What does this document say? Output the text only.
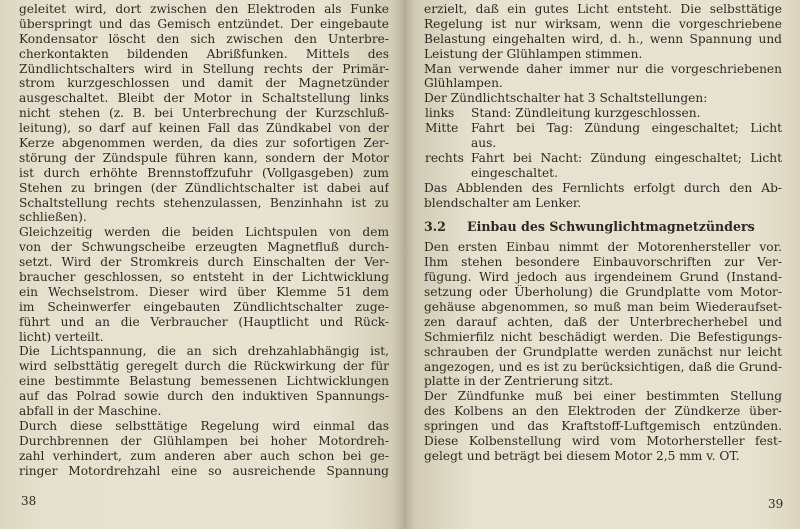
geleitet wird, dort zwischen den Elektroden als Funke
überspringt und das Gemisch entzündet. Der eingebaute
Kondensator löscht den sich zwischen den Unterbre-
cherkontakten bildenden Abrißfunken. Mittels des
Zündlichtschalters wird in Stellung rechts der Primär-
strom kurzgeschlossen und damit der Magnetzünder
ausgeschaltet. Bleibt der Motor in Schaltstellung links
nicht stehen (z. B. bei Unterbrechung der Kurzschluß-
leitung), so darf auf keinen Fall das Zündkabel von der
Kerze abgenommen werden, da dies zur sofortigen Zer-
störung der Zündspule führen kann, sondern der Motor
ist durch erhöhte Brennstoffzufuhr (Vollgasgeben) zum
Stehen zu bringen (der Zündlichtschalter ist dabei auf
Schaltstellung rechts stehenzulassen, Benzinhahn ist zu
schließen).
Gleichzeitig werden die beiden Lichtspulen von dem
von der Schwungscheibe erzeugten Magnetfluß durch-
setzt. Wird der Stromkreis durch Einschalten der Ver-
braucher geschlossen, so entsteht in der Lichtwicklung
ein Wechselstrom. Dieser wird über Klemme 51 dem
im Scheinwerfer eingebauten Zündlichtschalter zuge-
führt und an die Verbraucher (Hauptlicht und Rück-
licht) verteilt.
Die Lichtspannung, die an sich drehzahlabhängig ist,
wird selbsttätig geregelt durch die Rückwirkung der für
eine bestimmte Belastung bemessenen Lichtwicklungen
auf das Polrad sowie durch den induktiven Spannungs-
abfall in der Maschine.
Durch diese selbsttätige Regelung wird einmal das
Durchbrennen der Glühlampen bei hoher Motordreh-
zahl verhindert, zum anderen aber auch schon bei ge-
ringer Motordrehzahl eine so ausreichende Spannung
38
erzielt, daß ein gutes Licht entsteht. Die selbsttätige
Regelung ist nur wirksam, wenn die vorgeschriebene
Belastung eingehalten wird, d. h., wenn Spannung und
Leistung der Glühlampen stimmen.
Man verwende daher immer nur die vorgeschriebenen
Glühlampen.
Der Zündlichtschalter hat 3 Schaltstellungen:
links Stand: Zündleitung kurzgeschlossen.
Mitte Fahrt bei Tag: Zündung eingeschaltet; Licht
aus.
rechts Fahrt bei Nacht: Zündung eingeschaltet; Licht
eingeschaltet.
Das Abblenden des Fernlichts erfolgt durch den Ab-
blendschalter am Lenker.
3.2 Einbau des Schwunglichtmagnetzünders
Den ersten Einbau nimmt der Motorenhersteller vor.
Ihm stehen besondere Einbauvorschriften zur Ver-
fügung. Wird jedoch aus irgendeinem Grund (Instand-
setzung oder Überholung) die Grundplatte vom Motor-
gehäuse abgenommen, so muß man beim Wiederaufset-
zen darauf achten, daß der Unterbrecherhebel und
Schmierfilz nicht beschädigt werden. Die Befestigungs-
schrauben der Grundplatte werden zunächst nur leicht
angezogen, und es ist zu berücksichtigen, daß die Grund-
platte in der Zentrierung sitzt.
Der Zündfunke muß bei einer bestimmten Stellung
des Kolbens an den Elektroden der Zündkerze über-
springen und das Kraftstoff-Luftgemisch entzünden.
Diese Kolbenstellung wird vom Motorhersteller fest-
gelegt und beträgt bei diesem Motor 2,5 mm v. OT.
39
